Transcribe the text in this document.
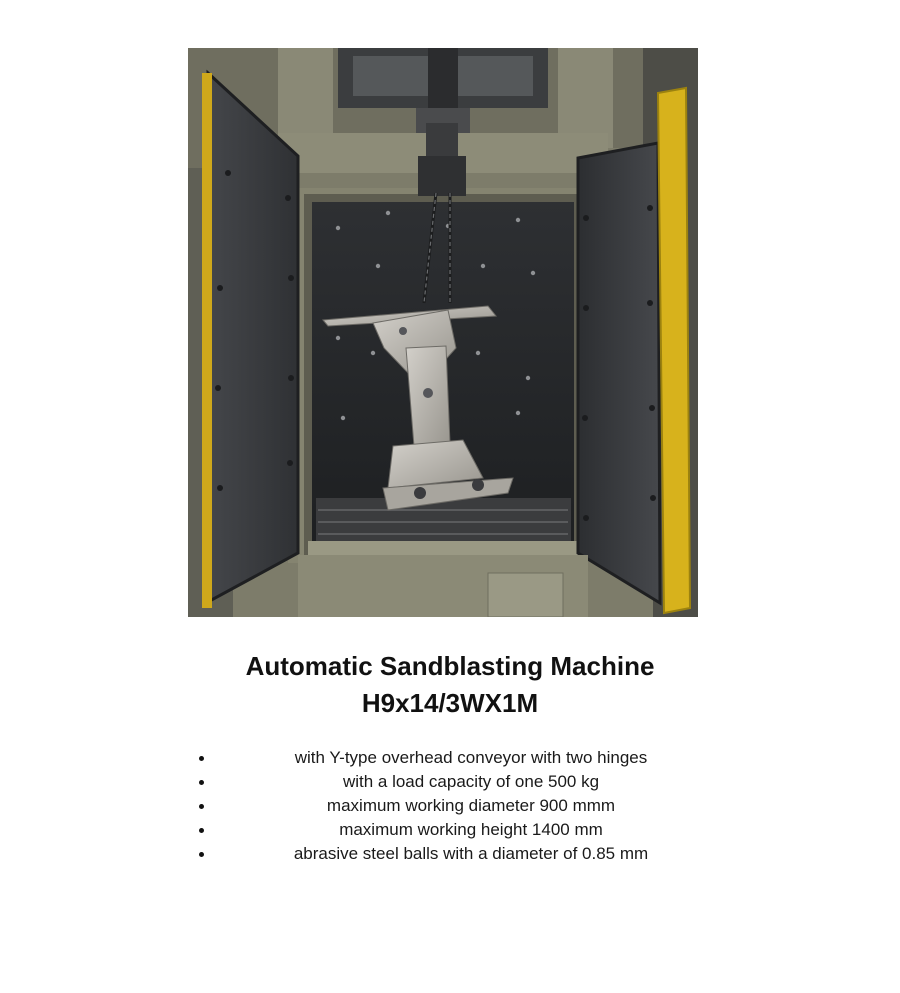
Automatic Sandblasting Machine
H9x14/3WX1M
with Y-type overhead conveyor with two hinges
with a load capacity of one 500 kg
maximum working diameter 900 mmm
maximum working height 1400 mm
abrasive steel balls with a diameter of 0.85 mm
